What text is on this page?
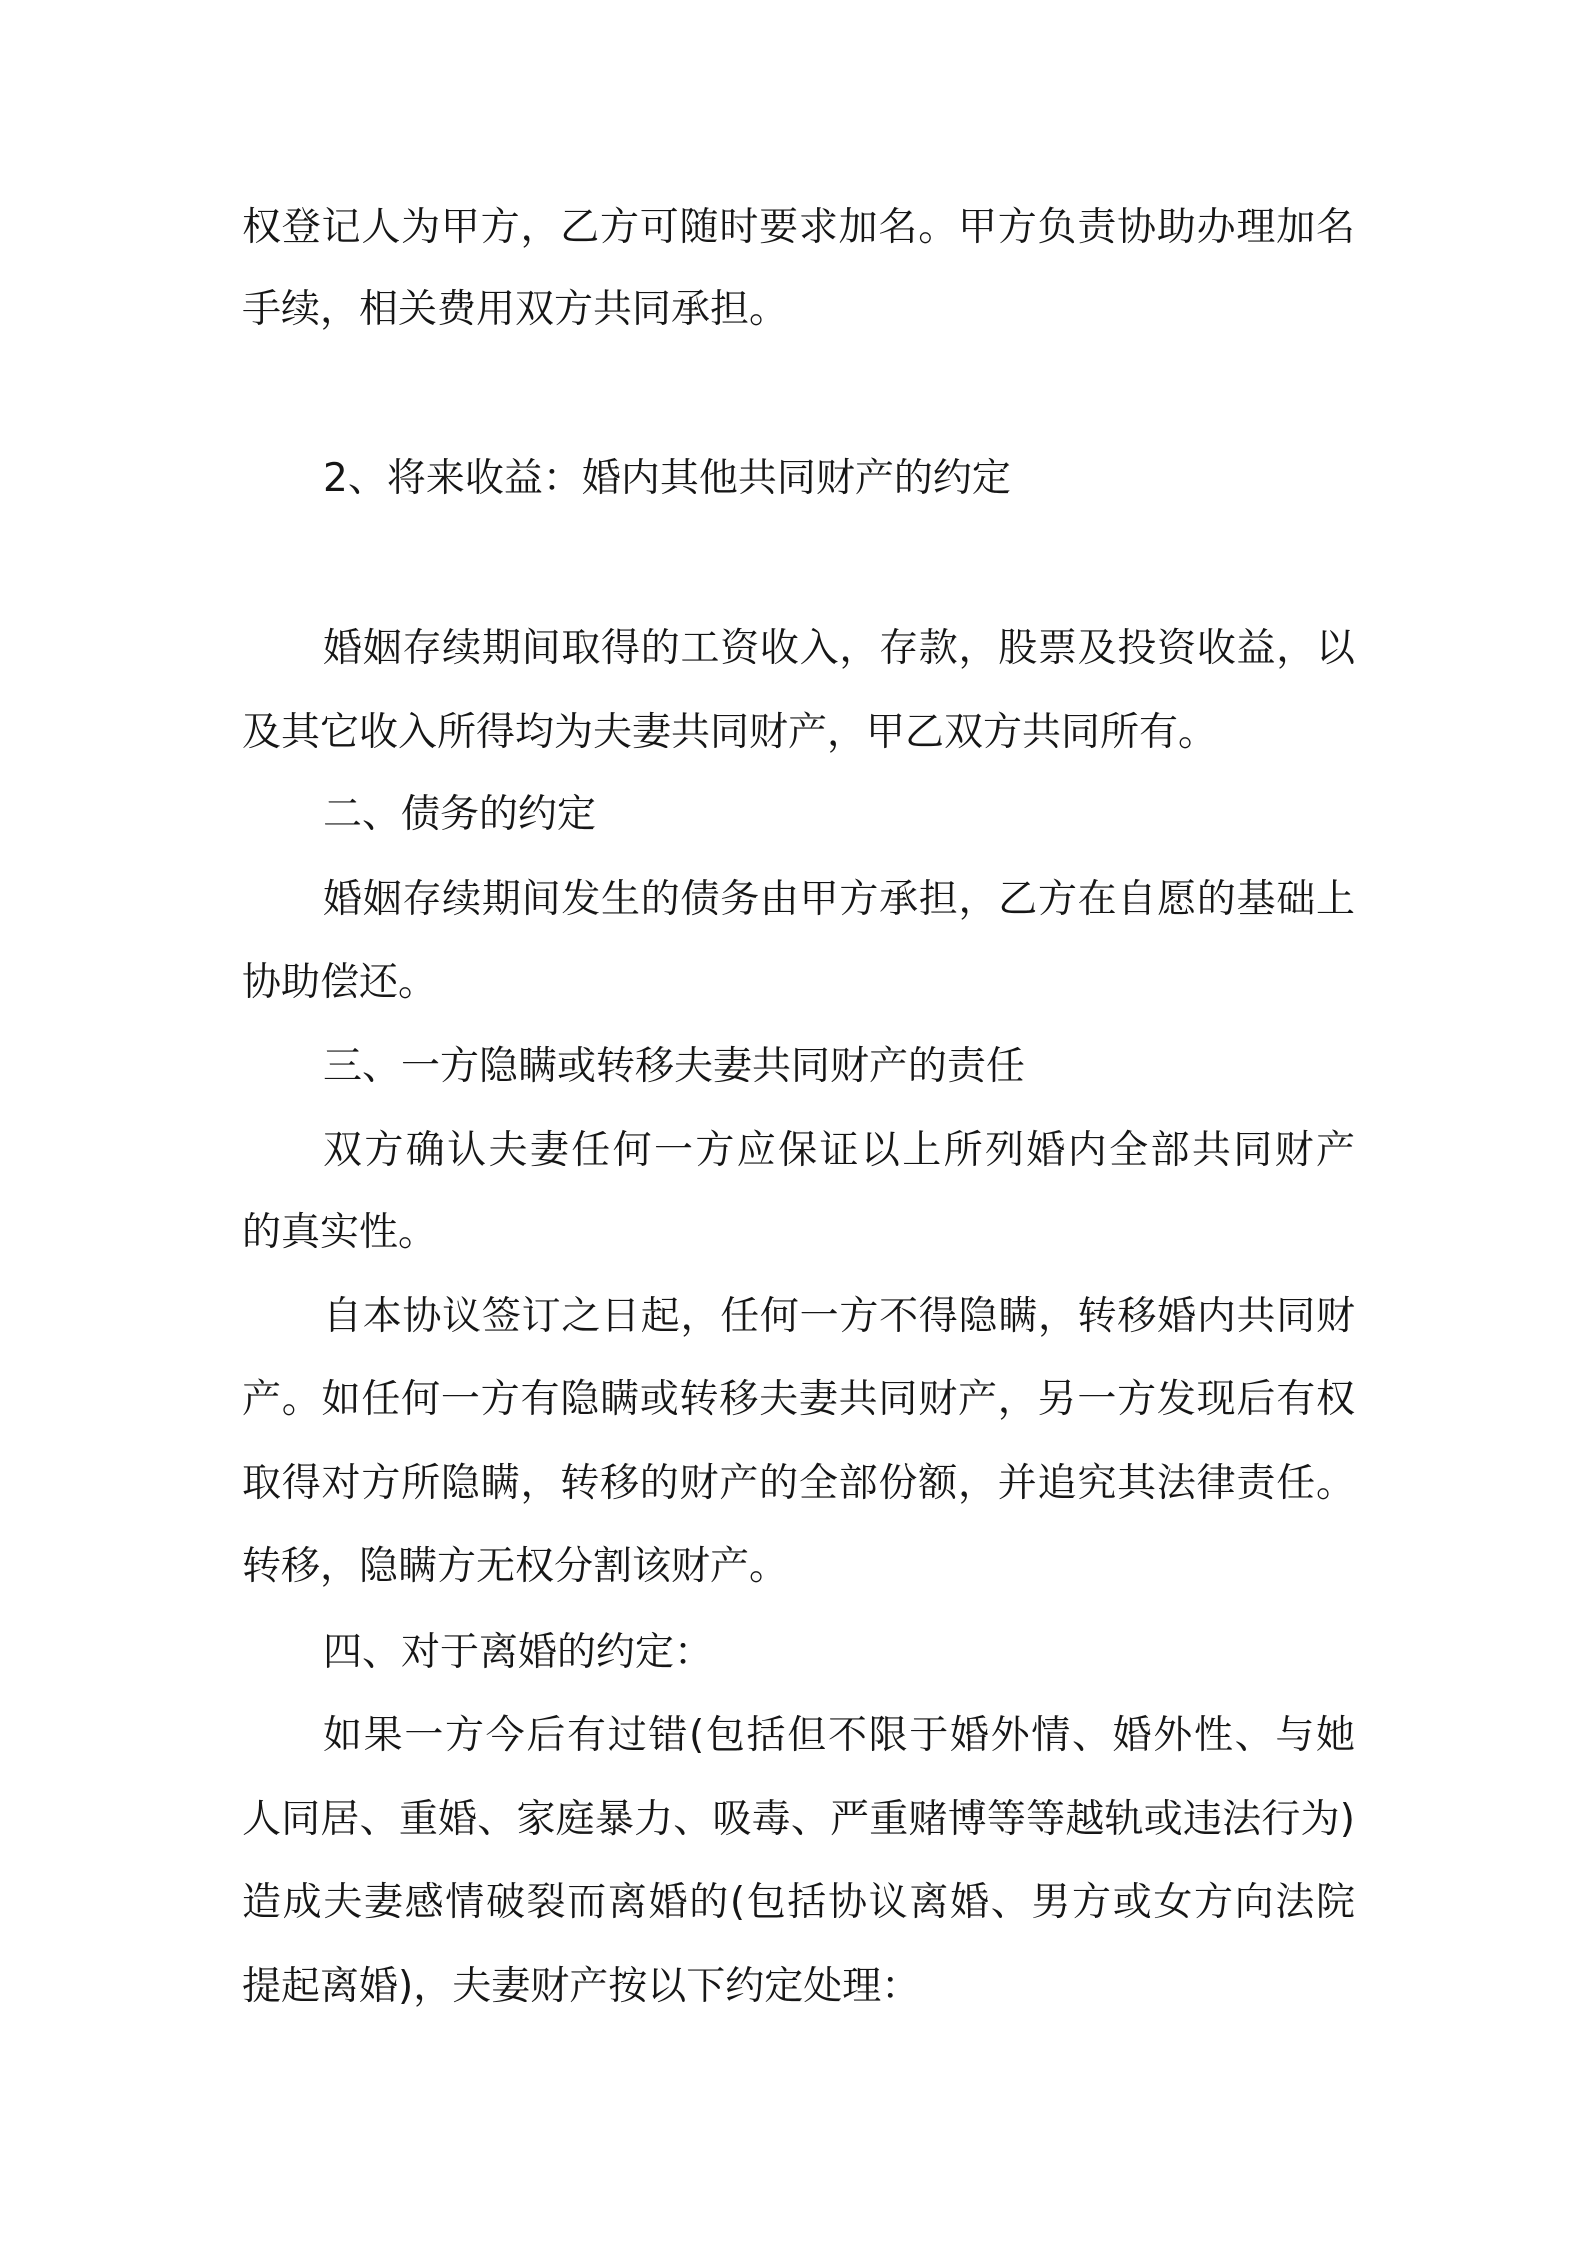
权登记人为甲方，乙方可随时要求加名。甲方负责协助办理加名
手续，相关费用双方共同承担。
2、将来收益：婚内其他共同财产的约定
婚姻存续期间取得的工资收入，存款，股票及投资收益，以
及其它收入所得均为夫妻共同财产，甲乙双方共同所有。
二、债务的约定
婚姻存续期间发生的债务由甲方承担，乙方在自愿的基础上
协助偿还。
三、一方隐瞒或转移夫妻共同财产的责任
双方确认夫妻任何一方应保证以上所列婚内全部共同财产
的真实性。
自本协议签订之日起，任何一方不得隐瞒，转移婚内共同财
产。如任何一方有隐瞒或转移夫妻共同财产，另一方发现后有权
取得对方所隐瞒，转移的财产的全部份额，并追究其法律责任。
转移，隐瞒方无权分割该财产。
四、对于离婚的约定：
如果一方今后有过错(包括但不限于婚外情、婚外性、与她
人同居、重婚、家庭暴力、吸毒、严重赌博等等越轨或违法行为)
造成夫妻感情破裂而离婚的(包括协议离婚、男方或女方向法院
提起离婚)，夫妻财产按以下约定处理：
